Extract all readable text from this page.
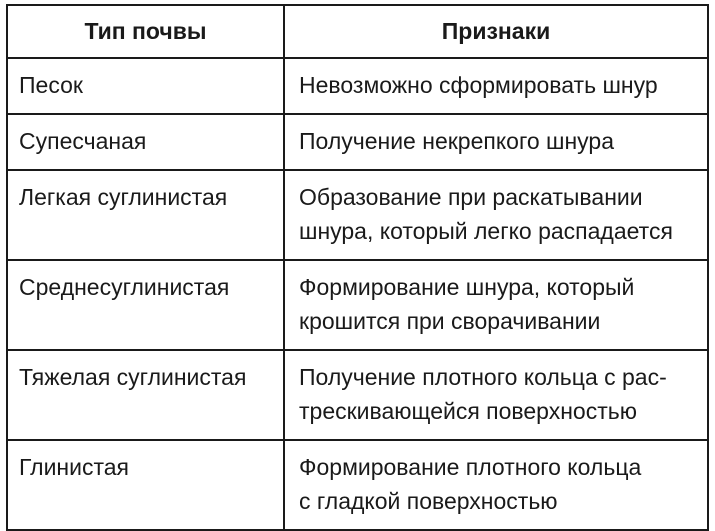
Тип почвы	Признаки
Песок	Невозможно сформировать шнур

Супесчаная	Получение некрепкого шнура

Легкая суглинистая	Образование при раскатывании
шнура, который легко распадается

Среднесуглинистая	Формирование шнура, который
крошится при сворачивании

Тяжелая суглинистая	Получение плотного кольца с рас-
трескивающейся поверхностью

Глинистая	Формирование плотного кольца
с гладкой поверхностью
